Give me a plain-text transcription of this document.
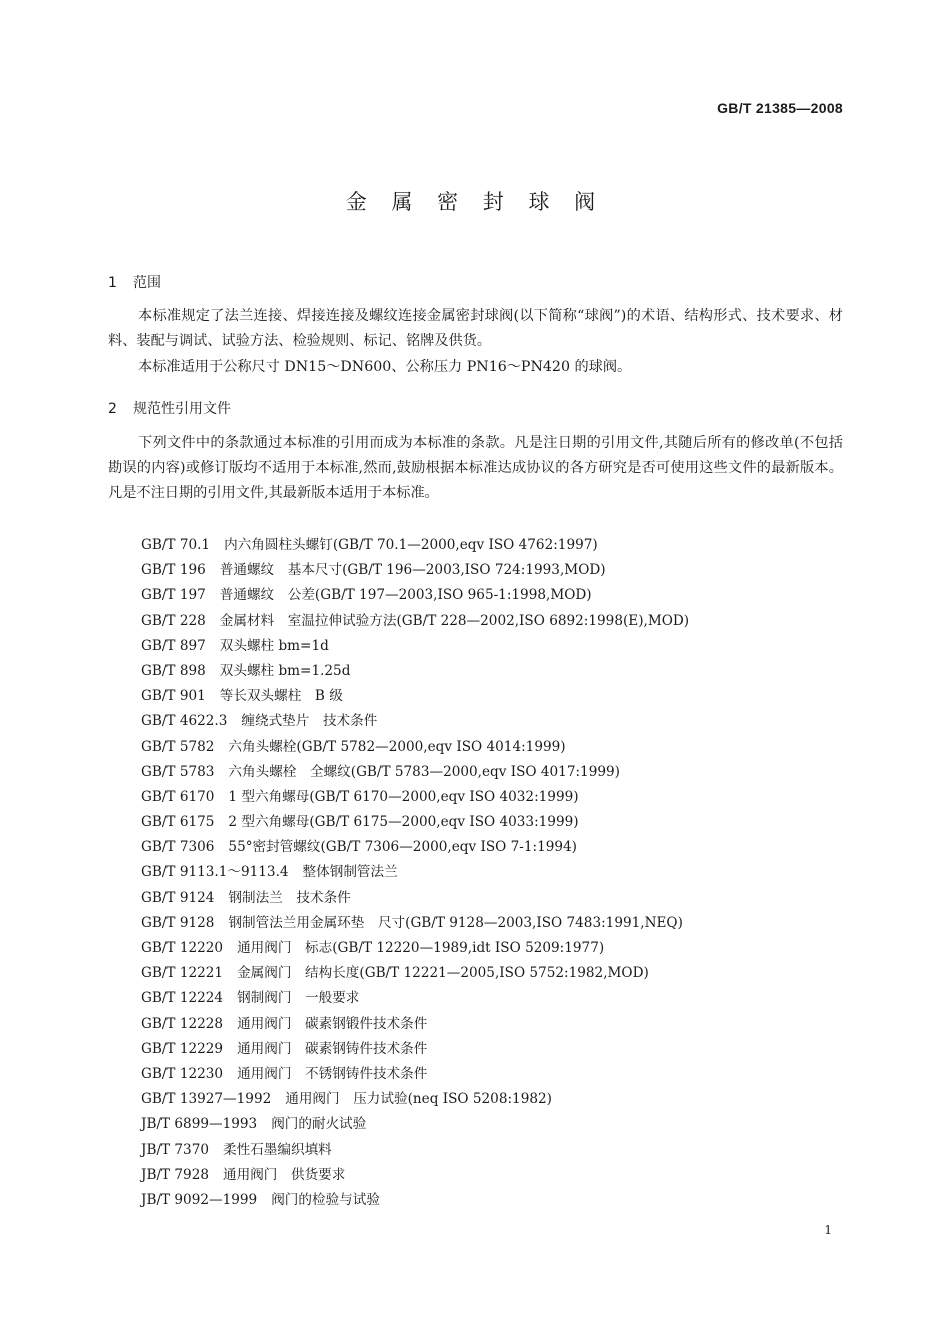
GB/T 21385—2008
金 属 密 封 球 阀
1 范围

本标准规定了法兰连接、焊接连接及螺纹连接金属密封球阀(以下简称“球阀”)的术语、结构形式、技术要求、材料、装配与调试、试验方法、检验规则、标记、铭牌及供货。

本标准适用于公称尺寸 DN15～DN600、公称压力 PN16～PN420 的球阀。

2 规范性引用文件

下列文件中的条款通过本标准的引用而成为本标准的条款。凡是注日期的引用文件,其随后所有的修改单(不包括勘误的内容)或修订版均不适用于本标准,然而,鼓励根据本标准达成协议的各方研究是否可使用这些文件的最新版本。凡是不注日期的引用文件,其最新版本适用于本标准。

GB/T 70.1 内六角圆柱头螺钉(GB/T 70.1—2000,eqv ISO 4762:1997)
GB/T 196 普通螺纹　基本尺寸(GB/T 196—2003,ISO 724:1993,MOD)
GB/T 197 普通螺纹　公差(GB/T 197—2003,ISO 965-1:1998,MOD)
GB/T 228 金属材料　室温拉伸试验方法(GB/T 228—2002,ISO 6892:1998(E),MOD)
GB/T 897 双头螺柱 bm=1d
GB/T 898 双头螺柱 bm=1.25d
GB/T 901 等长双头螺柱　B 级
GB/T 4622.3 缠绕式垫片　技术条件
GB/T 5782 六角头螺栓(GB/T 5782—2000,eqv ISO 4014:1999)
GB/T 5783 六角头螺栓　全螺纹(GB/T 5783—2000,eqv ISO 4017:1999)
GB/T 6170 1 型六角螺母(GB/T 6170—2000,eqv ISO 4032:1999)
GB/T 6175 2 型六角螺母(GB/T 6175—2000,eqv ISO 4033:1999)
GB/T 7306 55°密封管螺纹(GB/T 7306—2000,eqv ISO 7-1:1994)
GB/T 9113.1～9113.4 整体钢制管法兰
GB/T 9124 钢制法兰　技术条件
GB/T 9128 钢制管法兰用金属环垫　尺寸(GB/T 9128—2003,ISO 7483:1991,NEQ)
GB/T 12220 通用阀门　标志(GB/T 12220—1989,idt ISO 5209:1977)
GB/T 12221 金属阀门　结构长度(GB/T 12221—2005,ISO 5752:1982,MOD)
GB/T 12224 钢制阀门　一般要求
GB/T 12228 通用阀门　碳素钢锻件技术条件
GB/T 12229 通用阀门　碳素钢铸件技术条件
GB/T 12230 通用阀门　不锈钢铸件技术条件
GB/T 13927—1992 通用阀门　压力试验(neq ISO 5208:1982)
JB/T 6899—1993 阀门的耐火试验
JB/T 7370 柔性石墨编织填料
JB/T 7928 通用阀门　供货要求
JB/T 9092—1999 阀门的检验与试验
1
